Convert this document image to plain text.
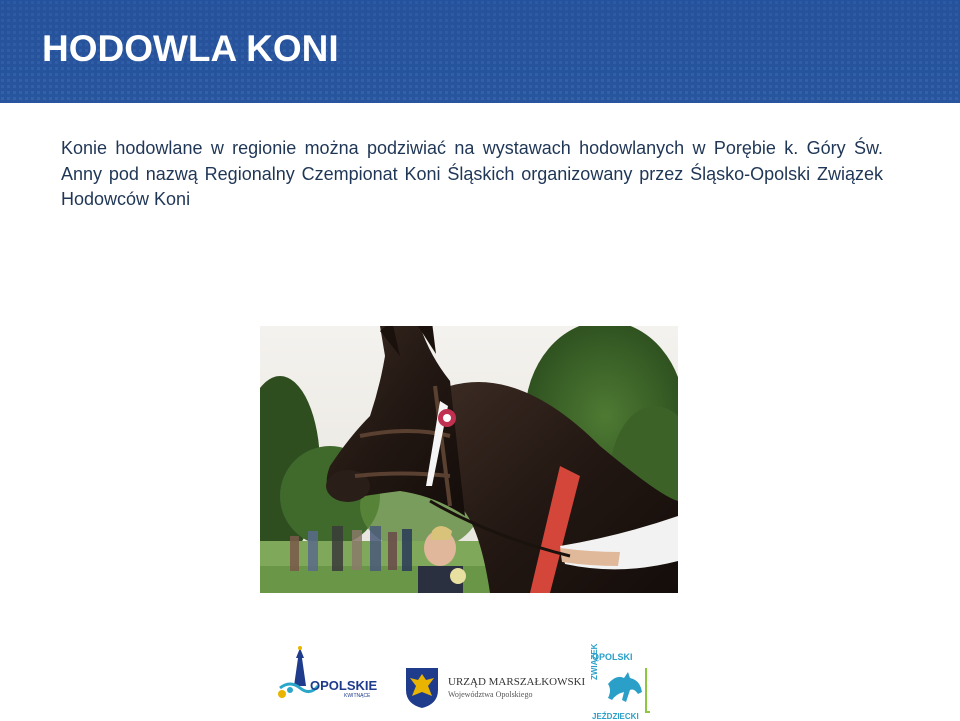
HODOWLA KONI
Konie hodowlane w regionie można podziwiać na wystawach hodowlanych w Porębie k. Góry Św. Anny pod nazwą Regionalny Czempionat Koni Śląskich organizowany przez Śląsko-Opolski Związek Hodowców Koni
OPOLSKIE
KWITNĄCE
URZĄD MARSZAŁKOWSKI
Województwa Opolskiego
OPOLSKI
ZWIĄZEK
JEŹDZIECKI
